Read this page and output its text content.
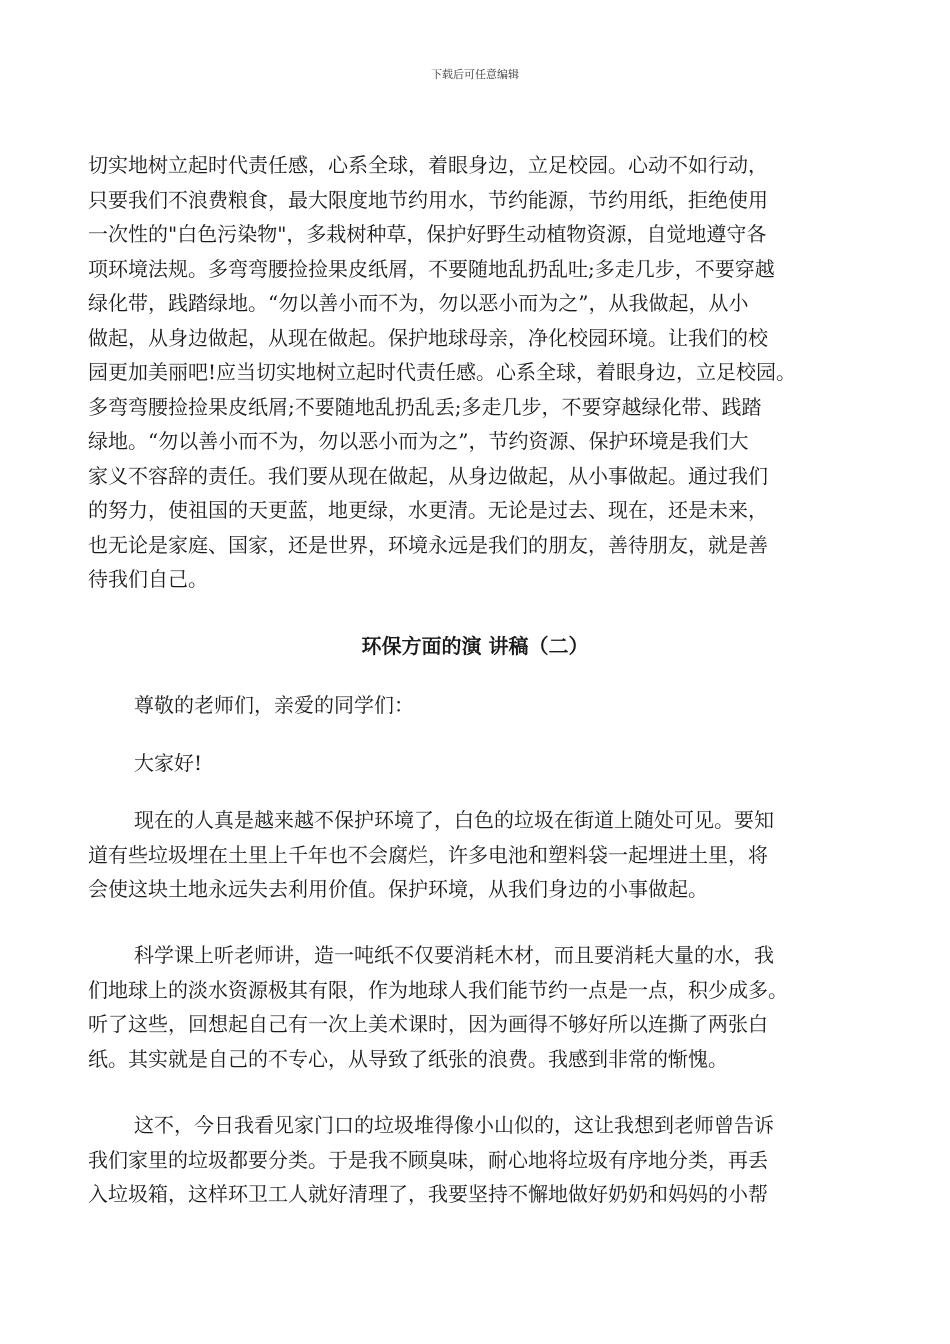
下载后可任意编辑
切实地树立起时代责任感，心系全球，着眼身边，立足校园。心动不如行动，
只要我们不浪费粮食，最大限度地节约用水，节约能源，节约用纸，拒绝使用
一次性的"白色污染物"，多栽树种草，保护好野生动植物资源，自觉地遵守各
项环境法规。多弯弯腰捡捡果皮纸屑，不要随地乱扔乱吐;多走几步，不要穿越
绿化带，践踏绿地。“勿以善小而不为，勿以恶小而为之”，从我做起，从小
做起，从身边做起，从现在做起。保护地球母亲，净化校园环境。让我们的校
园更加美丽吧!应当切实地树立起时代责任感。心系全球，着眼身边，立足校园。
多弯弯腰捡捡果皮纸屑;不要随地乱扔乱丢;多走几步，不要穿越绿化带、践踏
绿地。“勿以善小而不为，勿以恶小而为之”，节约资源、保护环境是我们大
家义不容辞的责任。我们要从现在做起，从身边做起，从小事做起。通过我们
的努力，使祖国的天更蓝，地更绿，水更清。无论是过去、现在，还是未来，
也无论是家庭、国家，还是世界，环境永远是我们的朋友，善待朋友，就是善
待我们自己。
环保方面的演 讲稿（二）
尊敬的老师们，亲爱的同学们：
大家好!
现在的人真是越来越不保护环境了，白色的垃圾在街道上随处可见。要知
道有些垃圾埋在土里上千年也不会腐烂，许多电池和塑料袋一起埋进土里，将
会使这块土地永远失去利用价值。保护环境，从我们身边的小事做起。
科学课上听老师讲，造一吨纸不仅要消耗木材，而且要消耗大量的水，我
们地球上的淡水资源极其有限，作为地球人我们能节约一点是一点，积少成多。
听了这些，回想起自己有一次上美术课时，因为画得不够好所以连撕了两张白
纸。其实就是自己的不专心，从导致了纸张的浪费。我感到非常的惭愧。
这不，今日我看见家门口的垃圾堆得像小山似的，这让我想到老师曾告诉
我们家里的垃圾都要分类。于是我不顾臭味，耐心地将垃圾有序地分类，再丢
入垃圾箱，这样环卫工人就好清理了，我要坚持不懈地做好奶奶和妈妈的小帮
